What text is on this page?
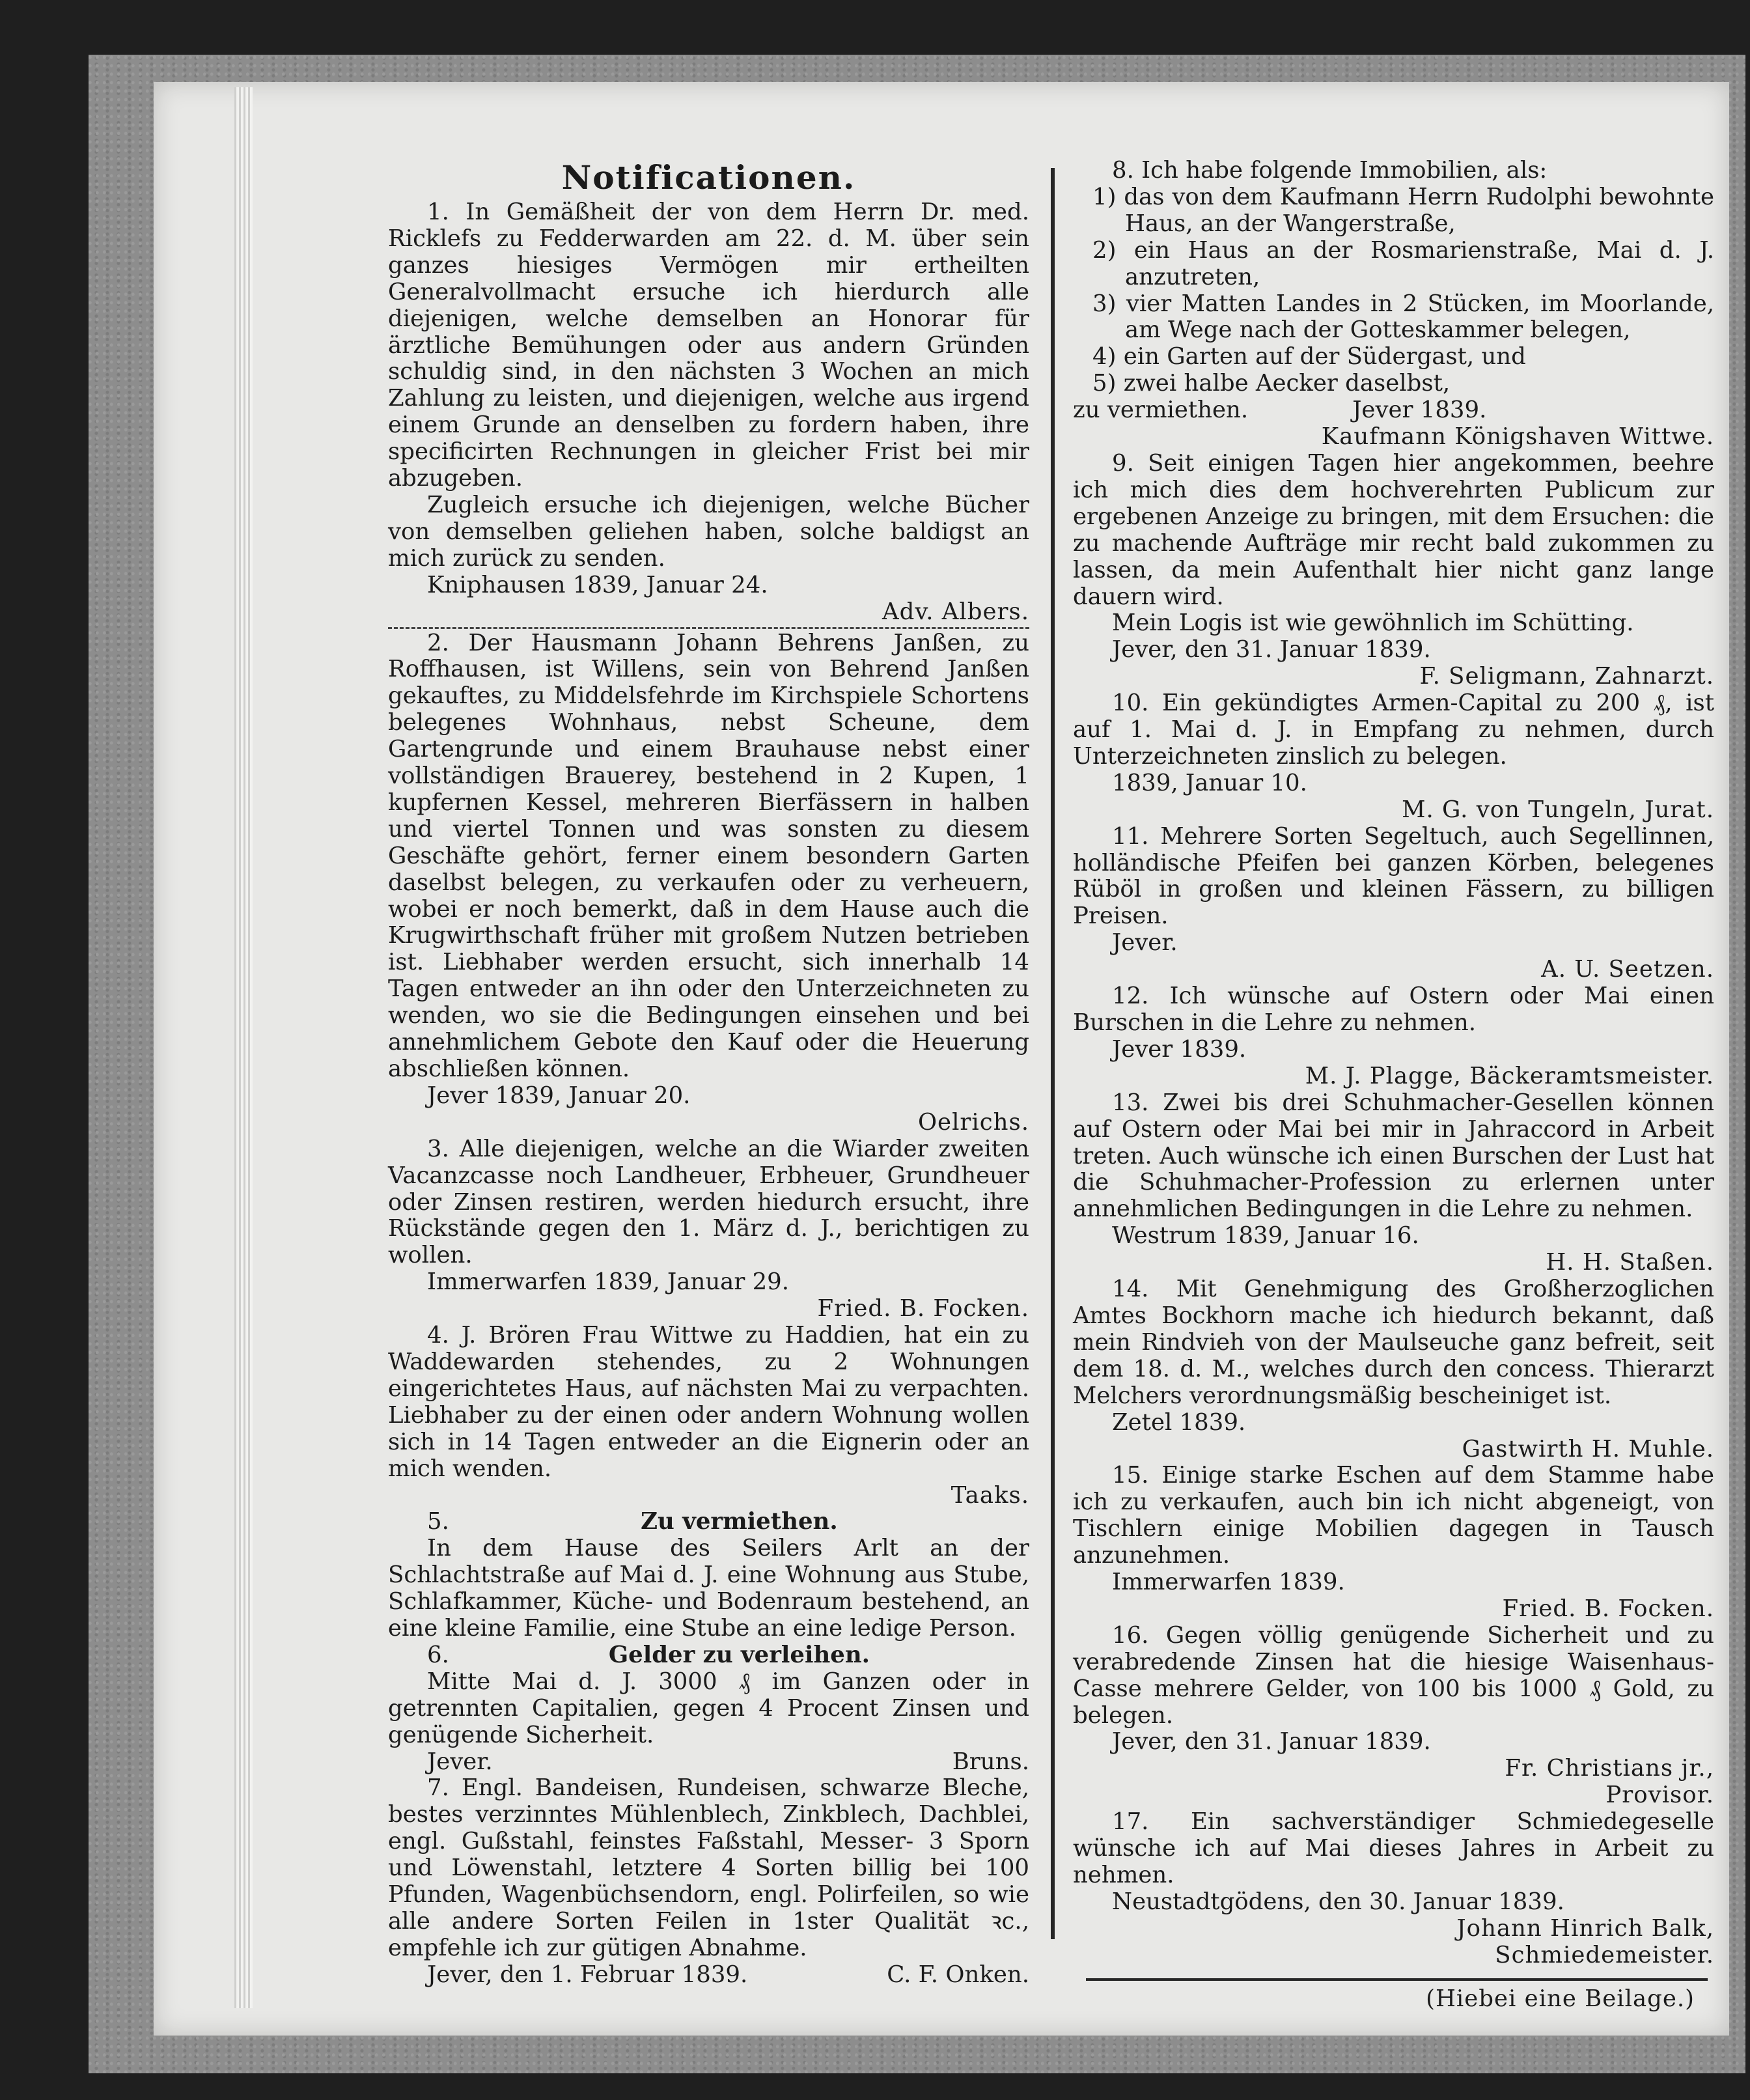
Notificationen.

1. In Gemäßheit der von dem Herrn Dr. med. Ricklefs zu Fedderwarden am 22. d. M. über sein ganzes hiesiges Vermögen mir ertheilten Generalvollmacht ersuche ich hierdurch alle diejenigen, welche demselben an Honorar für ärztliche Bemühungen oder aus andern Gründen schuldig sind, in den nächsten 3 Wochen an mich Zahlung zu leisten, und diejenigen, welche aus irgend einem Grunde an denselben zu fordern haben, ihre specificirten Rechnungen in gleicher Frist bei mir abzugeben.

Zugleich ersuche ich diejenigen, welche Bücher von demselben geliehen haben, solche baldigst an mich zurück zu senden.

Kniphausen 1839, Januar 24.

Adv. Albers.

2. Der Hausmann Johann Behrens Janßen, zu Roffhausen, ist Willens, sein von Behrend Janßen gekauftes, zu Middelsfehrde im Kirchspiele Schortens belegenes Wohnhaus, nebst Scheune, dem Gartengrunde und einem Brauhause nebst einer vollständigen Brauerey, bestehend in 2 Kupen, 1 kupfernen Kessel, mehreren Bierfässern in halben und viertel Tonnen und was sonsten zu diesem Geschäfte gehört, ferner einem besondern Garten daselbst belegen, zu verkaufen oder zu verheuern, wobei er noch bemerkt, daß in dem Hause auch die Krugwirthschaft früher mit großem Nutzen betrieben ist. Liebhaber werden ersucht, sich innerhalb 14 Tagen entweder an ihn oder den Unterzeichneten zu wenden, wo sie die Bedingungen einsehen und bei annehmlichem Gebote den Kauf oder die Heuerung abschließen können.

Jever 1839, Januar 20.

Oelrichs.

3. Alle diejenigen, welche an die Wiarder zweiten Vacanzcasse noch Landheuer, Erbheuer, Grundheuer oder Zinsen restiren, werden hiedurch ersucht, ihre Rückstände gegen den 1. März d. J., berichtigen zu wollen.

Immerwarfen 1839, Januar 29.

Fried. B. Focken.

4. J. Brören Frau Wittwe zu Haddien, hat ein zu Waddewarden stehendes, zu 2 Wohnungen eingerichtetes Haus, auf nächsten Mai zu verpachten. Liebhaber zu der einen oder andern Wohnung wollen sich in 14 Tagen entweder an die Eignerin oder an mich wenden.

Taaks.

5.	Zu vermiethen.

In dem Hause des Seilers Arlt an der Schlachtstraße auf Mai d. J. eine Wohnung aus Stube, Schlafkammer, Küche- und Bodenraum bestehend, an eine kleine Familie, eine Stube an eine ledige Person.

6.	Gelder zu verleihen.

Mitte Mai d. J. 3000 ₰ im Ganzen oder in getrennten Capitalien, gegen 4 Procent Zinsen und genügende Sicherheit.

Jever.	Bruns.

7. Engl. Bandeisen, Rundeisen, schwarze Bleche, bestes verzinntes Mühlenblech, Zinkblech, Dachblei, engl. Gußstahl, feinstes Faßstahl, Messer- 3 Sporn und Löwenstahl, letztere 4 Sorten billig bei 100 Pfunden, Wagenbüchsendorn, engl. Polirfeilen, so wie alle andere Sorten Feilen in 1ster Qualität ꝛc., empfehle ich zur gütigen Abnahme.

Jever, den 1. Februar 1839.	C. F. Onken.

8. Ich habe folgende Immobilien, als:

1) das von dem Kaufmann Herrn Rudolphi bewohnte Haus, an der Wangerstraße,

2) ein Haus an der Rosmarienstraße, Mai d. J. anzutreten,

3) vier Matten Landes in 2 Stücken, im Moorlande, am Wege nach der Gotteskammer belegen,

4) ein Garten auf der Südergast, und

5) zwei halbe Aecker daselbst,

zu vermiethen.	Jever 1839.

Kaufmann Königshaven Wittwe.

9. Seit einigen Tagen hier angekommen, beehre ich mich dies dem hochverehrten Publicum zur ergebenen Anzeige zu bringen, mit dem Ersuchen: die zu machende Aufträge mir recht bald zukommen zu lassen, da mein Aufenthalt hier nicht ganz lange dauern wird.

Mein Logis ist wie gewöhnlich im Schütting.

Jever, den 31. Januar 1839.

F. Seligmann, Zahnarzt.

10. Ein gekündigtes Armen-Capital zu 200 ₰, ist auf 1. Mai d. J. in Empfang zu nehmen, durch Unterzeichneten zinslich zu belegen.

1839, Januar 10.

M. G. von Tungeln, Jurat.

11. Mehrere Sorten Segeltuch, auch Segellinnen, holländische Pfeifen bei ganzen Körben, belegenes Rüböl in großen und kleinen Fässern, zu billigen Preisen.

Jever.

A. U. Seetzen.

12. Ich wünsche auf Ostern oder Mai einen Burschen in die Lehre zu nehmen.

Jever 1839.

M. J. Plagge, Bäckeramtsmeister.

13. Zwei bis drei Schuhmacher-Gesellen können auf Ostern oder Mai bei mir in Jahraccord in Arbeit treten. Auch wünsche ich einen Burschen der Lust hat die Schuhmacher-Profession zu erlernen unter annehmlichen Bedingungen in die Lehre zu nehmen.

Westrum 1839, Januar 16.

H. H. Staßen.

14. Mit Genehmigung des Großherzoglichen Amtes Bockhorn mache ich hiedurch bekannt, daß mein Rindvieh von der Maulseuche ganz befreit, seit dem 18. d. M., welches durch den concess. Thierarzt Melchers verordnungsmäßig bescheiniget ist.

Zetel 1839.

Gastwirth H. Muhle.

15. Einige starke Eschen auf dem Stamme habe ich zu verkaufen, auch bin ich nicht abgeneigt, von Tischlern einige Mobilien dagegen in Tausch anzunehmen.

Immerwarfen 1839.

Fried. B. Focken.

16. Gegen völlig genügende Sicherheit und zu verabredende Zinsen hat die hiesige Waisenhaus-Casse mehrere Gelder, von 100 bis 1000 ₰ Gold, zu belegen.

Jever, den 31. Januar 1839.

Fr. Christians jr.,

Provisor.

17. Ein sachverständiger Schmiedegeselle wünsche ich auf Mai dieses Jahres in Arbeit zu nehmen.

Neustadtgödens, den 30. Januar 1839.

Johann Hinrich Balk,

Schmiedemeister.

(Hiebei eine Beilage.)
